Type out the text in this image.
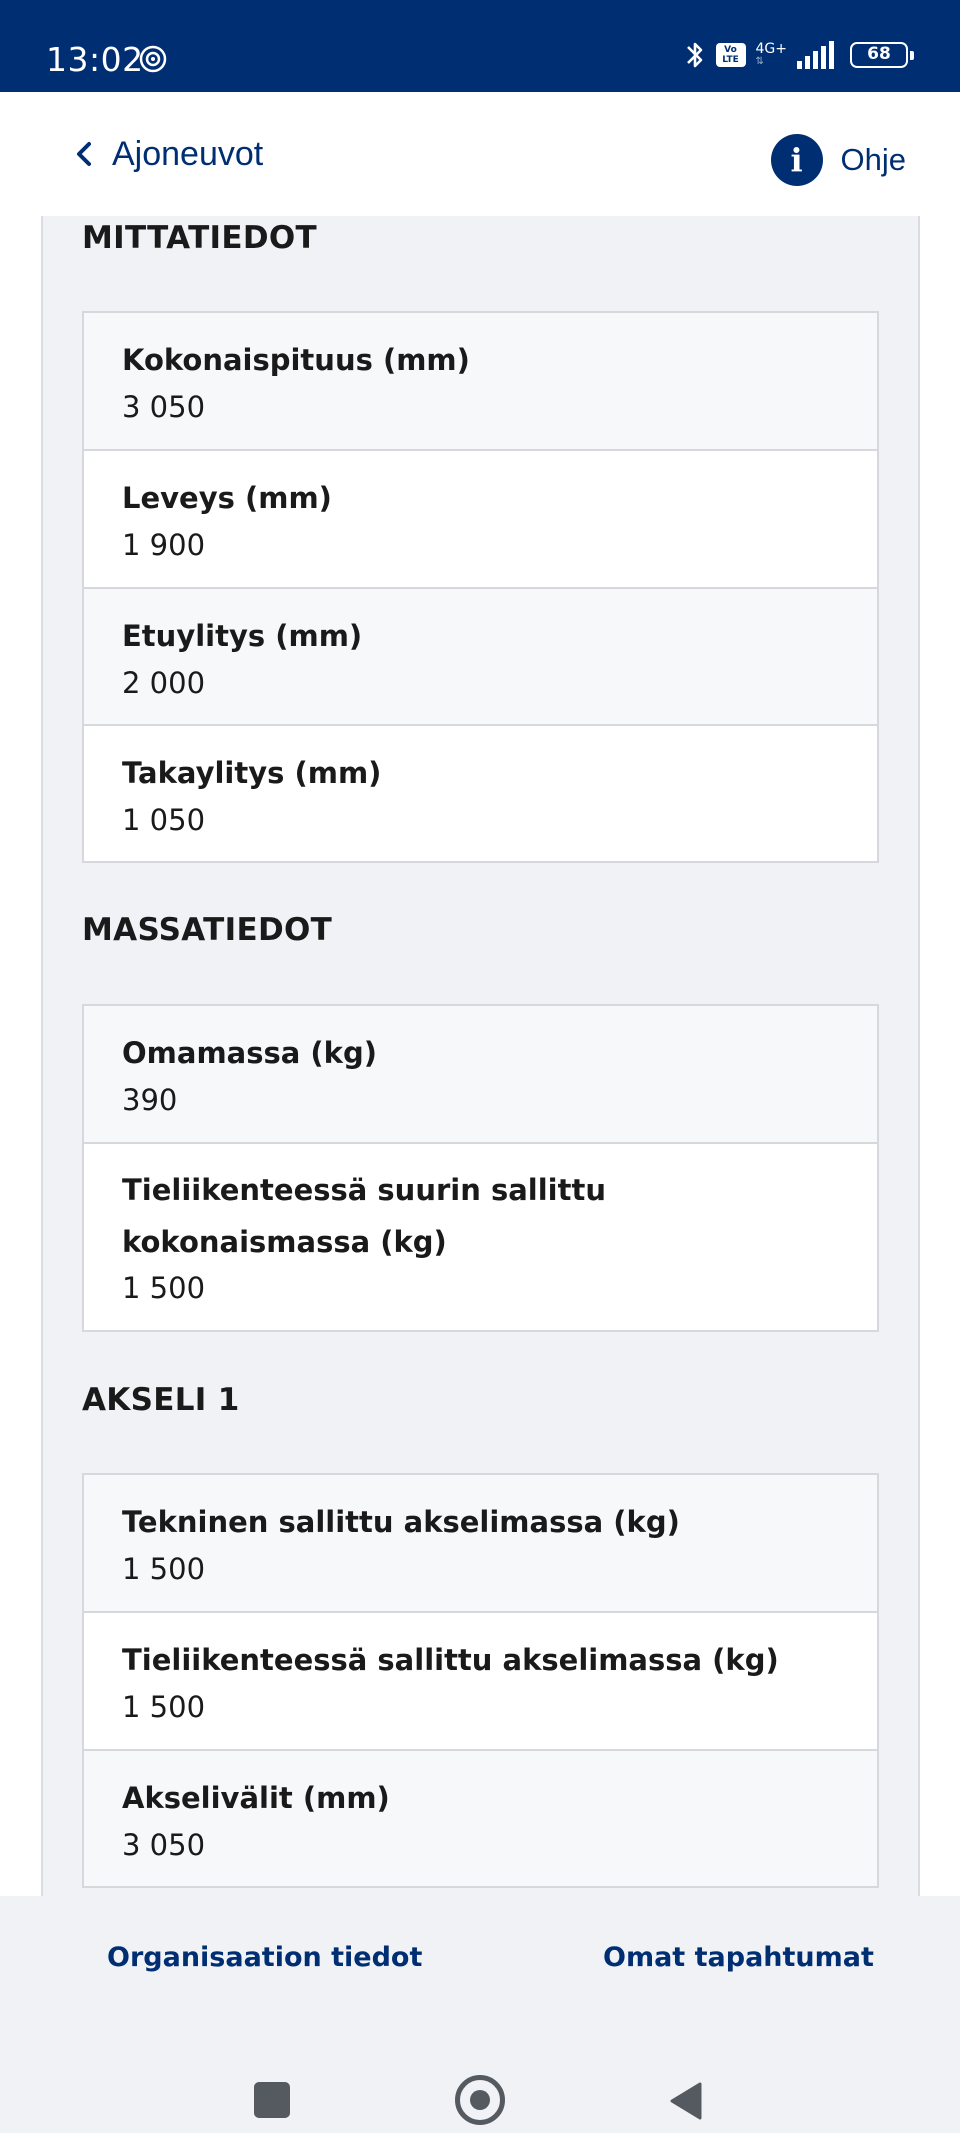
13:02	Vo LTE
4G+
⇅	68
Ajoneuvot	i	Ohje
MITTATIEDOT
Kokonaispituus (mm)
3 050
Leveys (mm)
1 900
Etuylitys (mm)
2 000
Takaylitys (mm)
1 050
MASSATIEDOT
Omamassa (kg)
390
Tieliikenteessä suurin sallittu kokonaismassa (kg)
1 500
AKSELI 1
Tekninen sallittu akselimassa (kg)
1 500
Tieliikenteessä sallittu akselimassa (kg)
1 500
Akselivälit (mm)
3 050
Organisaation tiedot	Omat tapahtumat
